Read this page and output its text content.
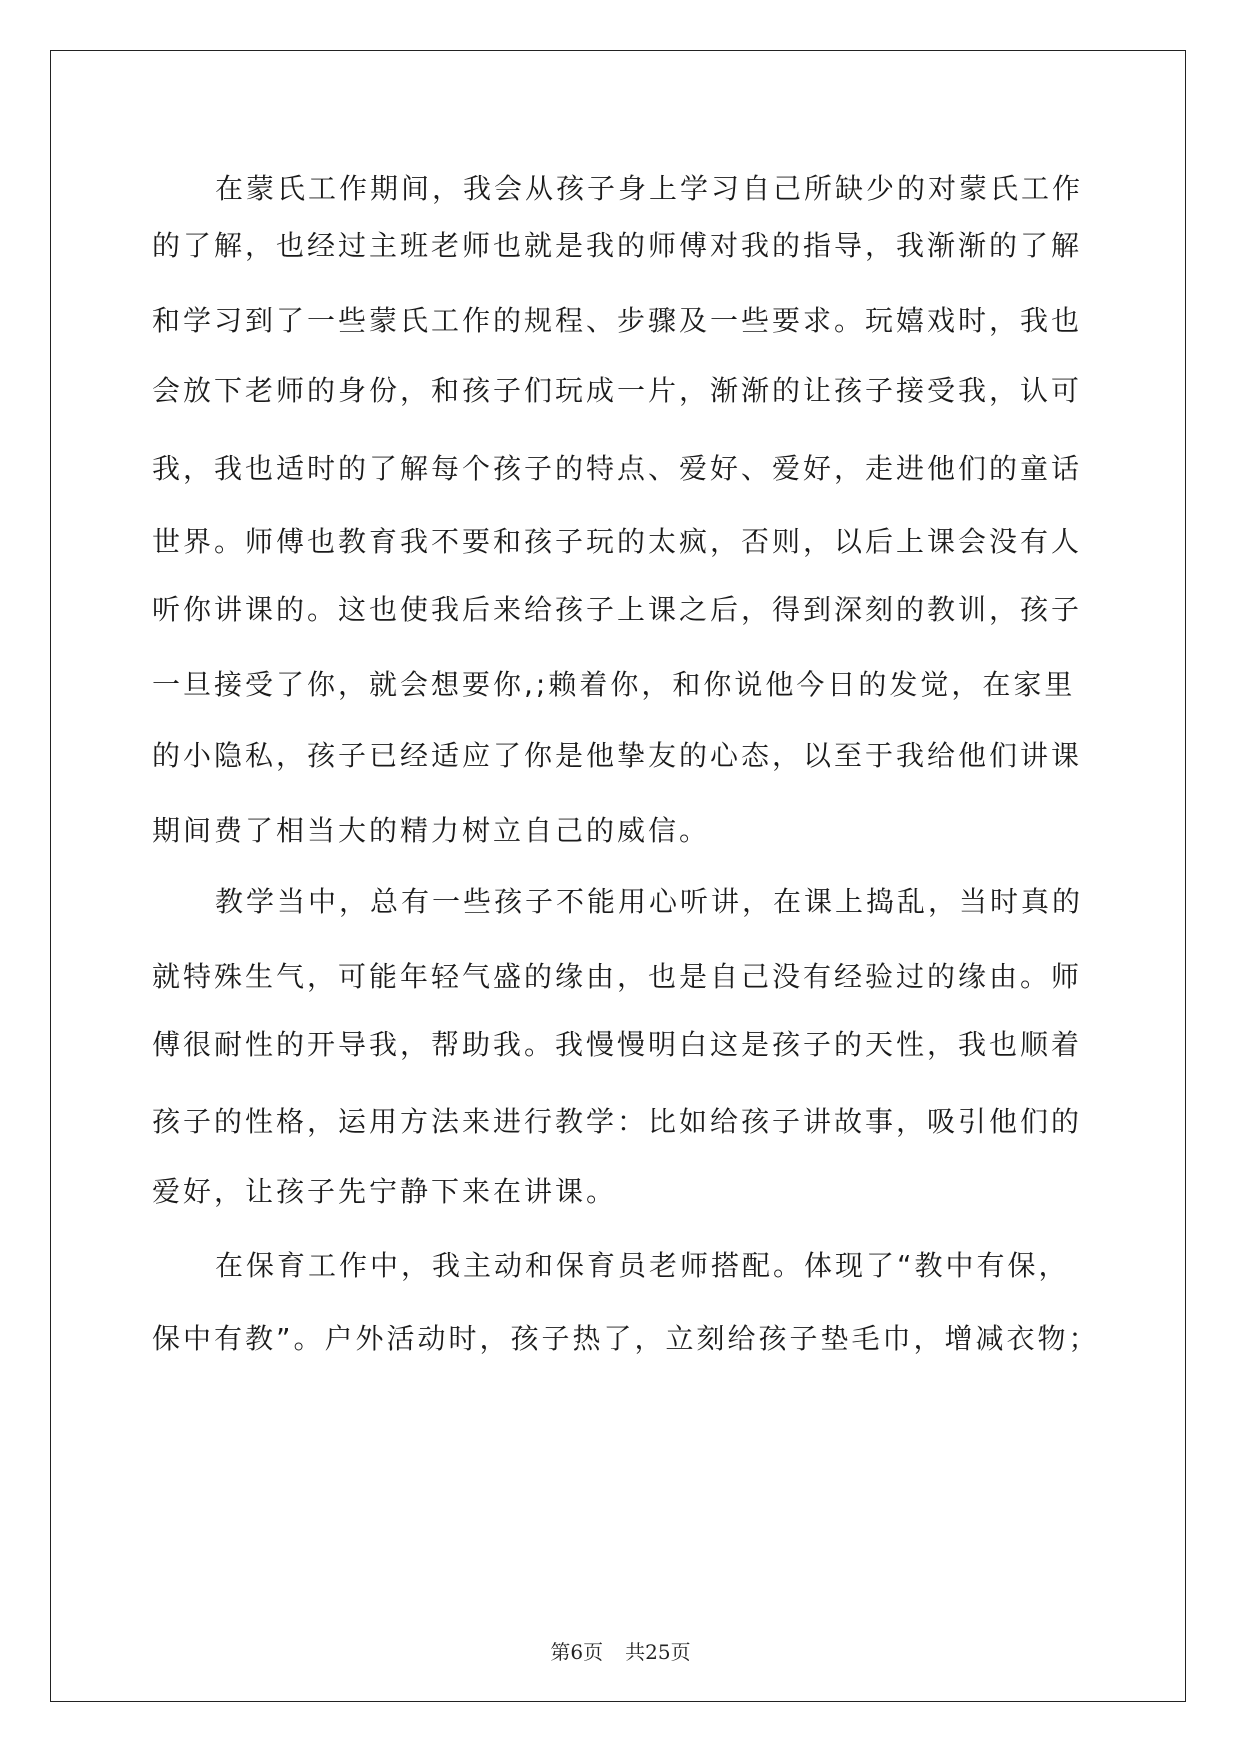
在蒙氏工作期间，我会从孩子身上学习自己所缺少的对蒙氏工作
的了解，也经过主班老师也就是我的师傅对我的指导，我渐渐的了解
和学习到了一些蒙氏工作的规程、步骤及一些要求。玩嬉戏时，我也
会放下老师的身份，和孩子们玩成一片，渐渐的让孩子接受我，认可
我，我也适时的了解每个孩子的特点、爱好、爱好，走进他们的童话
世界。师傅也教育我不要和孩子玩的太疯，否则，以后上课会没有人
听你讲课的。这也使我后来给孩子上课之后，得到深刻的教训，孩子
一旦接受了你，就会想要你,;赖着你，和你说他今日的发觉，在家里
的小隐私，孩子已经适应了你是他挚友的心态，以至于我给他们讲课
期间费了相当大的精力树立自己的威信。
教学当中，总有一些孩子不能用心听讲，在课上捣乱，当时真的
就特殊生气，可能年轻气盛的缘由，也是自己没有经验过的缘由。师
傅很耐性的开导我，帮助我。我慢慢明白这是孩子的天性，我也顺着
孩子的性格，运用方法来进行教学：比如给孩子讲故事，吸引他们的
爱好，让孩子先宁静下来在讲课。
在保育工作中，我主动和保育员老师搭配。体现了“教中有保，
保中有教”。户外活动时，孩子热了，立刻给孩子垫毛巾，增减衣物；
第6页 共25页
